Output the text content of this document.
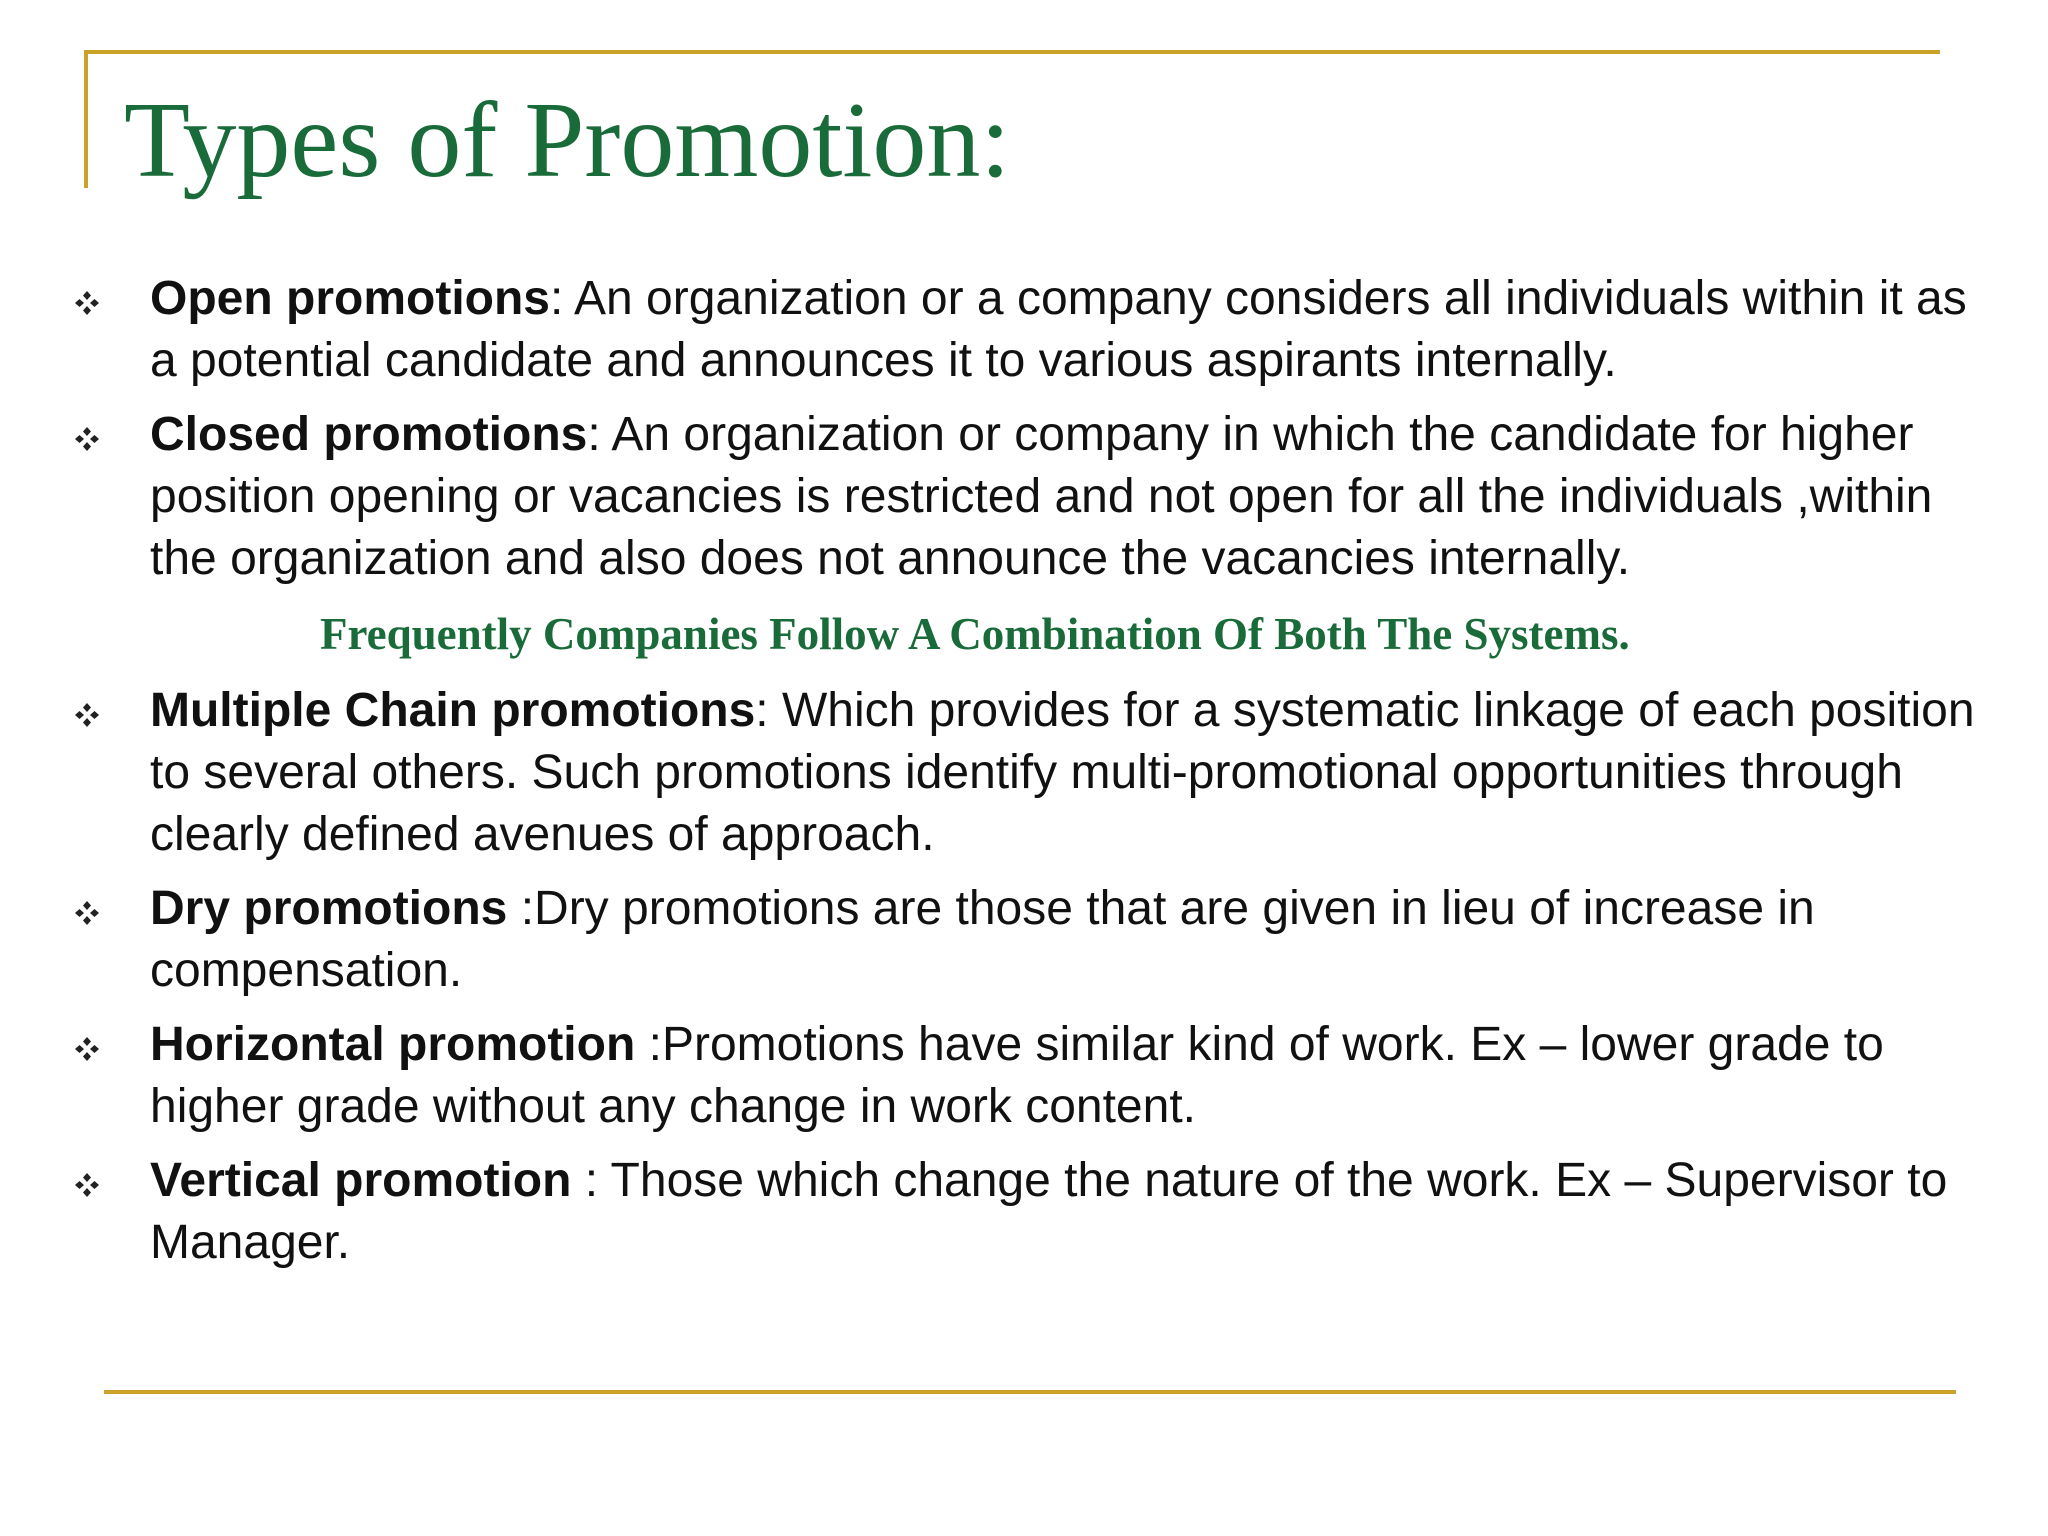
Types of Promotion:
Open promotions: An organization or a company considers all individuals within it as a potential candidate and announces it to various aspirants internally.
Closed promotions: An organization or company in which the candidate for higher position opening or vacancies is restricted and not open for all the individuals ,within the organization and also does not announce the vacancies internally.
Frequently Companies Follow A Combination Of Both The Systems.
Multiple Chain promotions: Which provides for a systematic linkage of each position to several others. Such promotions identify multi-promotional opportunities through clearly defined avenues of approach.
Dry promotions :Dry promotions are those that are given in lieu of increase in compensation.
Horizontal promotion :Promotions have similar kind of work. Ex – lower grade to higher grade without any change in work content.
Vertical promotion : Those which change the nature of the work. Ex – Supervisor to Manager.
